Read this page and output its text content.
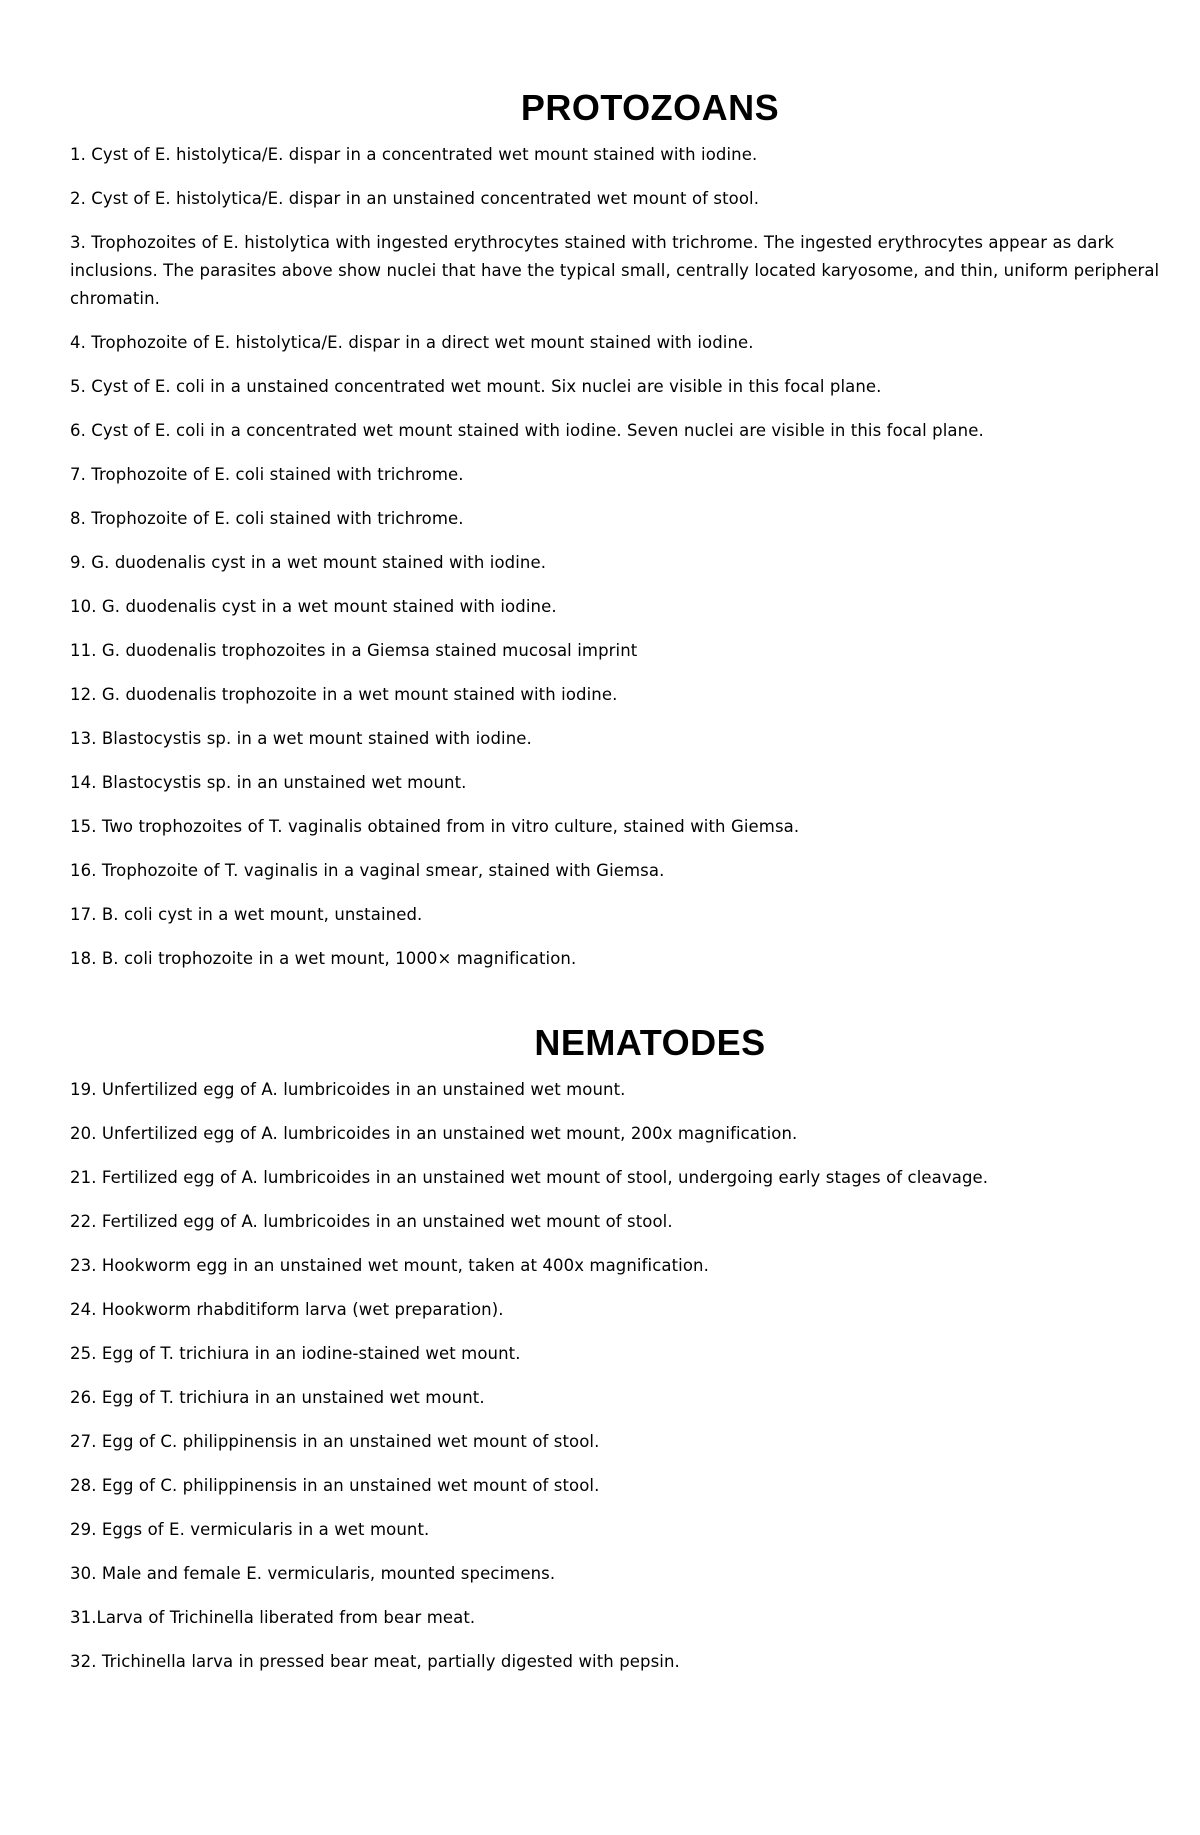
PROTOZOANS
1. Cyst of E. histolytica/E. dispar in a concentrated wet mount stained with iodine.
2. Cyst of E. histolytica/E. dispar in an unstained concentrated wet mount of stool.
3. Trophozoites of E. histolytica with ingested erythrocytes stained with trichrome. The ingested erythrocytes appear as dark inclusions. The parasites above show nuclei that have the typical small, centrally located karyosome, and thin, uniform peripheral chromatin.
4. Trophozoite of E. histolytica/E. dispar in a direct wet mount stained with iodine.
5. Cyst of E. coli in a unstained concentrated wet mount. Six nuclei are visible in this focal plane.
6. Cyst of E. coli in a concentrated wet mount stained with iodine. Seven nuclei are visible in this focal plane.
7. Trophozoite of E. coli stained with trichrome.
8. Trophozoite of E. coli stained with trichrome.
9. G. duodenalis cyst in a wet mount stained with iodine.
10. G. duodenalis cyst in a wet mount stained with iodine.
11. G. duodenalis trophozoites in a Giemsa stained mucosal imprint
12. G. duodenalis trophozoite in a wet mount stained with iodine.
13. Blastocystis sp. in a wet mount stained with iodine.
14. Blastocystis sp. in an unstained wet mount.
15. Two trophozoites of T. vaginalis obtained from in vitro culture, stained with Giemsa.
16. Trophozoite of T. vaginalis in a vaginal smear, stained with Giemsa.
17. B. coli cyst in a wet mount, unstained.
18. B. coli trophozoite in a wet mount, 1000× magnification.
NEMATODES
19. Unfertilized egg of A. lumbricoides in an unstained wet mount.
20. Unfertilized egg of A. lumbricoides in an unstained wet mount, 200x magnification.
21. Fertilized egg of A. lumbricoides in an unstained wet mount of stool, undergoing early stages of cleavage.
22. Fertilized egg of A. lumbricoides in an unstained wet mount of stool.
23. Hookworm egg in an unstained wet mount, taken at 400x magnification.
24. Hookworm rhabditiform larva (wet preparation).
25. Egg of T. trichiura in an iodine-stained wet mount.
26. Egg of T. trichiura in an unstained wet mount.
27. Egg of C. philippinensis in an unstained wet mount of stool.
28. Egg of C. philippinensis in an unstained wet mount of stool.
29. Eggs of E. vermicularis in a wet mount.
30. Male and female E. vermicularis, mounted specimens.
31.Larva of Trichinella liberated from bear meat.
32. Trichinella larva in pressed bear meat, partially digested with pepsin.
